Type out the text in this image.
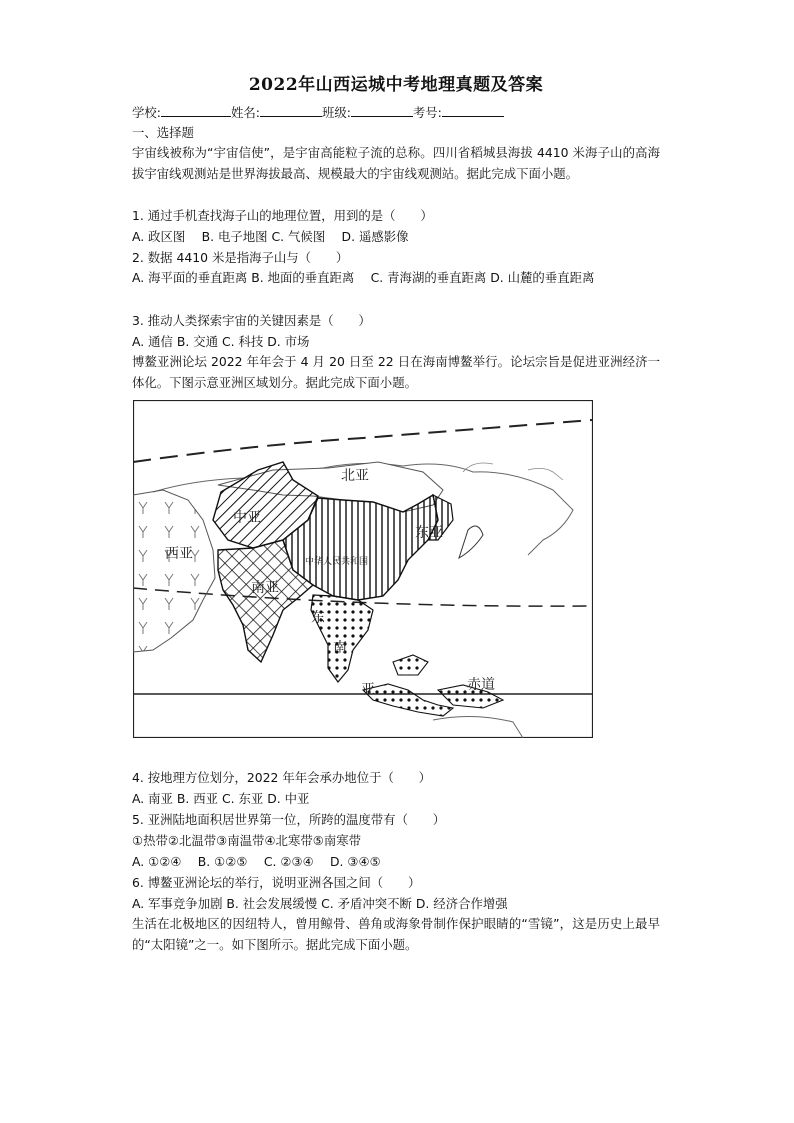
2022年山西运城中考地理真题及答案
学校:	姓名:	班级:	考号:
一、选择题
宇宙线被称为“宇宙信使”，是宇宙高能粒子流的总称。四川省稻城县海拔 4410 米海子山的高海拔宇宙线观测站是世界海拔最高、规模最大的宇宙线观测站。据此完成下面小题。
1. 通过手机查找海子山的地理位置，用到的是（　　）
A. 政区图　 B. 电子地图 C. 气候图　 D. 遥感影像
2. 数据 4410 米是指海子山与（　　）
A. 海平面的垂直距离 B. 地面的垂直距离　 C. 青海湖的垂直距离 D. 山麓的垂直距离
3. 推动人类探索宇宙的关键因素是（　　）
A. 通信 B. 交通 C. 科技 D. 市场
博鳌亚洲论坛 2022 年年会于 4 月 20 日至 22 日在海南博鳌举行。论坛宗旨是促进亚洲经济一体化。下图示意亚洲区域划分。据此完成下面小题。
4. 按地理方位划分，2022 年年会承办地位于（　　）
A. 南亚 B. 西亚 C. 东亚 D. 中亚
5. 亚洲陆地面积居世界第一位，所跨的温度带有（　　）
①热带②北温带③南温带④北寒带⑤南寒带
A. ①②④　 B. ①②⑤　 C. ②③④　 D. ③④⑤
6. 博鳌亚洲论坛的举行，说明亚洲各国之间（　　）
A. 军事竞争加剧 B. 社会发展缓慢 C. 矛盾冲突不断 D. 经济合作增强
生活在北极地区的因纽特人，曾用鲸骨、兽角或海象骨制作保护眼睛的“雪镜”，这是历史上最早的“太阳镜”之一。如下图所示。据此完成下面小题。
北亚
中亚
东亚
西亚
南亚
中华人民共和国
东
南
亚	赤道
